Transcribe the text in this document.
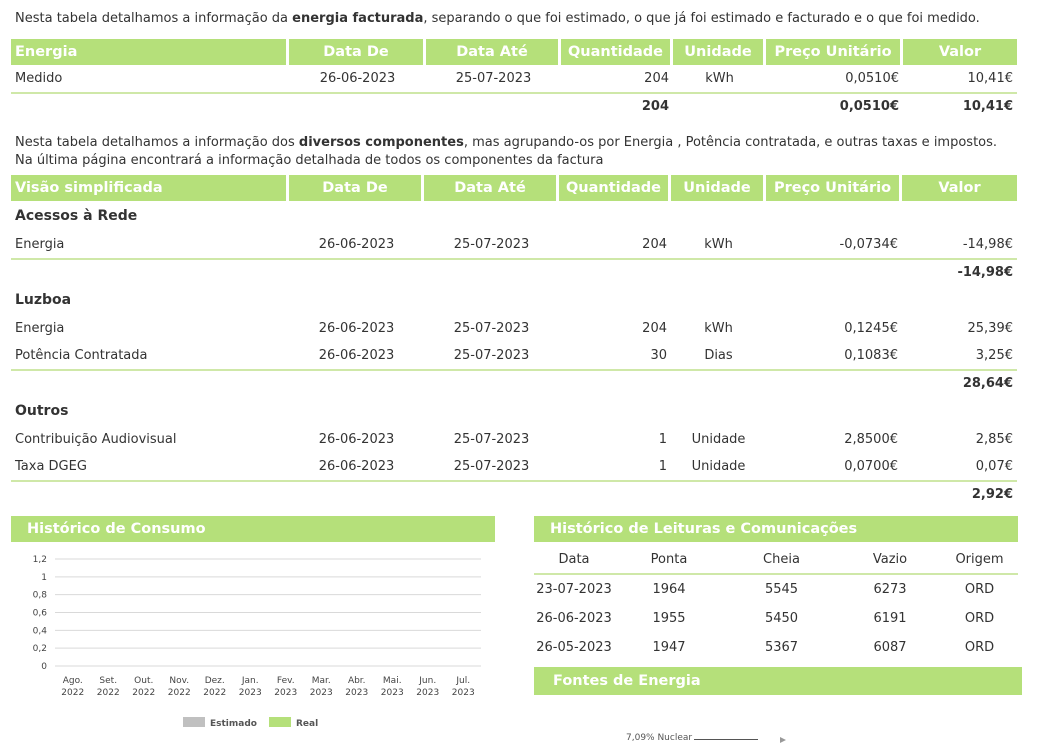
Nesta tabela detalhamos a informação da energia facturada, separando o que foi estimado, o que já foi estimado e facturado e o que foi medido.
Energia	Data De	Data Até	Quantidade	Unidade	Preço Unitário	Valor
Medido	26-06-2023	25-07-2023	204	kWh	0,0510€	10,41€
			204		0,0510€	10,41€
Nesta tabela detalhamos a informação dos diversos componentes, mas agrupando-os por Energia , Potência contratada, e outras taxas e impostos. Na última página encontrará a informação detalhada de todos os componentes da factura
Visão simplificada	Data De	Data Até	Quantidade	Unidade	Preço Unitário	Valor
Acessos à Rede						
Energia	26-06-2023	25-07-2023	204	kWh	-0,0734€	-14,98€
						-14,98€
Luzboa						
Energia	26-06-2023	25-07-2023	204	kWh	0,1245€	25,39€
Potência Contratada	26-06-2023	25-07-2023	30	Dias	0,1083€	3,25€
						28,64€
Outros						
Contribuição Audiovisual	26-06-2023	25-07-2023	1	Unidade	2,8500€	2,85€
Taxa DGEG	26-06-2023	25-07-2023	1	Unidade	0,0700€	0,07€
						2,92€
Histórico de Consumo
1,2
1
0,8
0,6
0,4
0,2
0
Ago.
2022
Set.
2022
Out.
2022
Nov.
2022
Dez.
2022
Jan.
2023
Fev.
2023
Mar.
2023
Abr.
2023
Mai.
2023
Jun.
2023
Jul.
2023
Estimado	Real
Histórico de Leituras e Comunicações
Data	Ponta	Cheia	Vazio	Origem
23-07-2023	1964	5545	6273	ORD
26-06-2023	1955	5450	6191	ORD
26-05-2023	1947	5367	6087	ORD
Fontes de Energia
7,09% Nuclear
